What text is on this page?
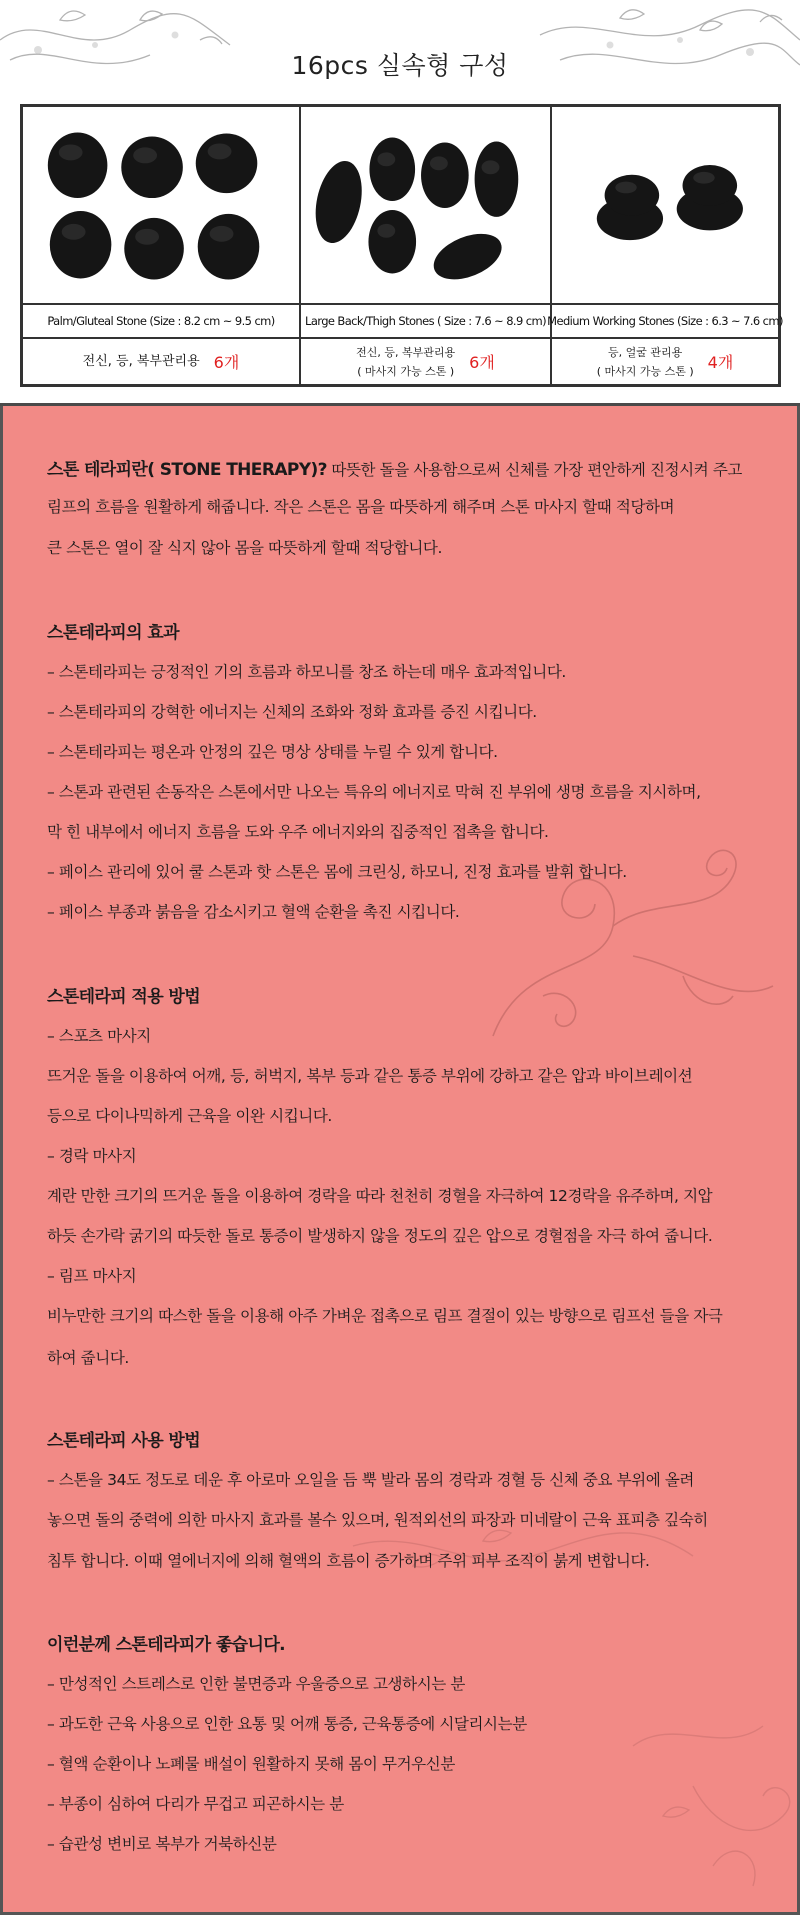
16pcs 실속형 구성
Palm/Gluteal Stone (Size : 8.2 cm ~ 9.5 cm)
전신, 등, 복부관리용 6개
Large Back/Thigh Stones ( Size : 7.6 ~ 8.9 cm)
전신, 등, 복부관리용
( 마사지 가능 스톤 ) 6개
Medium Working Stones (Size : 6.3 ~ 7.6 cm)
등, 얼굴 관리용
( 마사지 가능 스톤 ) 4개
스톤 테라피란( STONE THERAPY)? 따뜻한 돌을 사용함으로써 신체를 가장 편안하게 진정시켜 주고
림프의 흐름을 원활하게 해줍니다. 작은 스톤은 몸을 따뜻하게 해주며 스톤 마사지 할때 적당하며
큰 스톤은 열이 잘 식지 않아 몸을 따뜻하게 할때 적당합니다.
스톤테라피의 효과
– 스톤테라피는 긍정적인 기의 흐름과 하모니를 창조 하는데 매우 효과적입니다.
– 스톤테라피의 강혁한 에너지는 신체의 조화와 정화 효과를 증진 시킵니다.
– 스톤테라피는 평온과 안정의 깊은 명상 상태를 누릴 수 있게 합니다.
– 스톤과 관련된 손동작은 스톤에서만 나오는 특유의 에너지로 막혀 진 부위에 생명 흐름을 지시하며,
막 힌 내부에서 에너지 흐름을 도와 우주 에너지와의 집중적인 접촉을 합니다.
– 페이스 관리에 있어 쿨 스톤과 핫 스톤은 몸에 크린싱, 하모니, 진정 효과를 발휘 합니다.
– 페이스 부종과 붉음을 감소시키고 혈액 순환을 촉진 시킵니다.
스톤테라피 적용 방법
– 스포츠 마사지
뜨거운 돌을 이용하여 어깨, 등, 허벅지, 복부 등과 같은 통증 부위에 강하고 같은 압과 바이브레이션
등으로 다이나믹하게 근육을 이완 시킵니다.
– 경락 마사지
계란 만한 크기의 뜨거운 돌을 이용하여 경락을 따라 천천히 경혈을 자극하여 12경락을 유주하며, 지압
하듯 손가락 굵기의 따듯한 돌로 통증이 발생하지 않을 정도의 깊은 압으로 경혈점을 자극 하여 줍니다.
– 림프 마사지
비누만한 크기의 따스한 돌을 이용해 아주 가벼운 접촉으로 림프 결절이 있는 방향으로 림프선 들을 자극
하여 줍니다.
스톤테라피 사용 방법
– 스톤을 34도 정도로 데운 후 아로마 오일을 듬 뿍 발라 몸의 경락과 경혈 등 신체 중요 부위에 올려
놓으면 돌의 중력에 의한 마사지 효과를 볼수 있으며, 원적외선의 파장과 미네랄이 근육 표피층 깊숙히
침투 합니다. 이때 열에너지에 의해 혈액의 흐름이 증가하며 주위 피부 조직이 붉게 변합니다.
이런분께 스톤테라피가 좋습니다.
– 만성적인 스트레스로 인한 불면증과 우울증으로 고생하시는 분
– 과도한 근육 사용으로 인한 요통 및 어깨 통증, 근육통증에 시달리시는분
– 혈액 순환이나 노폐물 배설이 원활하지 못해 몸이 무거우신분
– 부종이 심하여 다리가 무겁고 피곤하시는 분
– 습관성 변비로 복부가 거북하신분
